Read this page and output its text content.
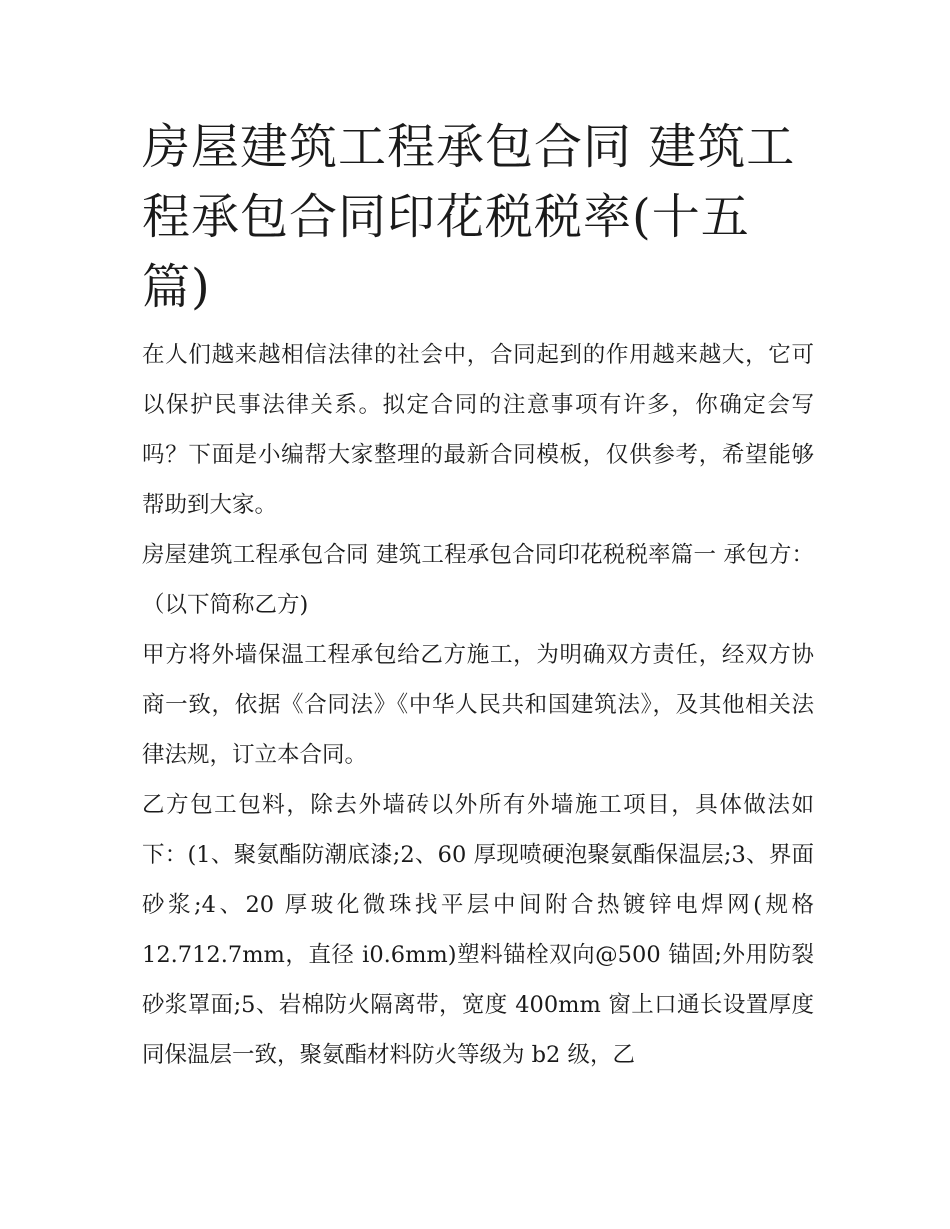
房屋建筑工程承包合同 建筑工程承包合同印花税税率(十五篇)

在人们越来越相信法律的社会中，合同起到的作用越来越大，它可以保护民事法律关系。拟定合同的注意事项有许多，你确定会写吗？下面是小编帮大家整理的最新合同模板，仅供参考，希望能够帮助到大家。

房屋建筑工程承包合同 建筑工程承包合同印花税税率篇一 承包方：（以下简称乙方)

甲方将外墙保温工程承包给乙方施工，为明确双方责任，经双方协商一致，依据《合同法》《中华人民共和国建筑法》，及其他相关法律法规，订立本合同。

乙方包工包料，除去外墙砖以外所有外墙施工项目，具体做法如下：(1、聚氨酯防潮底漆;2、60 厚现喷硬泡聚氨酯保温层;3、界面砂浆;4、20 厚玻化微珠找平层中间附合热镀锌电焊网(规格 12.712.7mm，直径 i0.6mm)塑料锚栓双向@500 锚固;外用防裂砂浆罩面;5、岩棉防火隔离带，宽度 400mm 窗上口通长设置厚度同保温层一致，聚氨酯材料防火等级为 b2 级，乙
